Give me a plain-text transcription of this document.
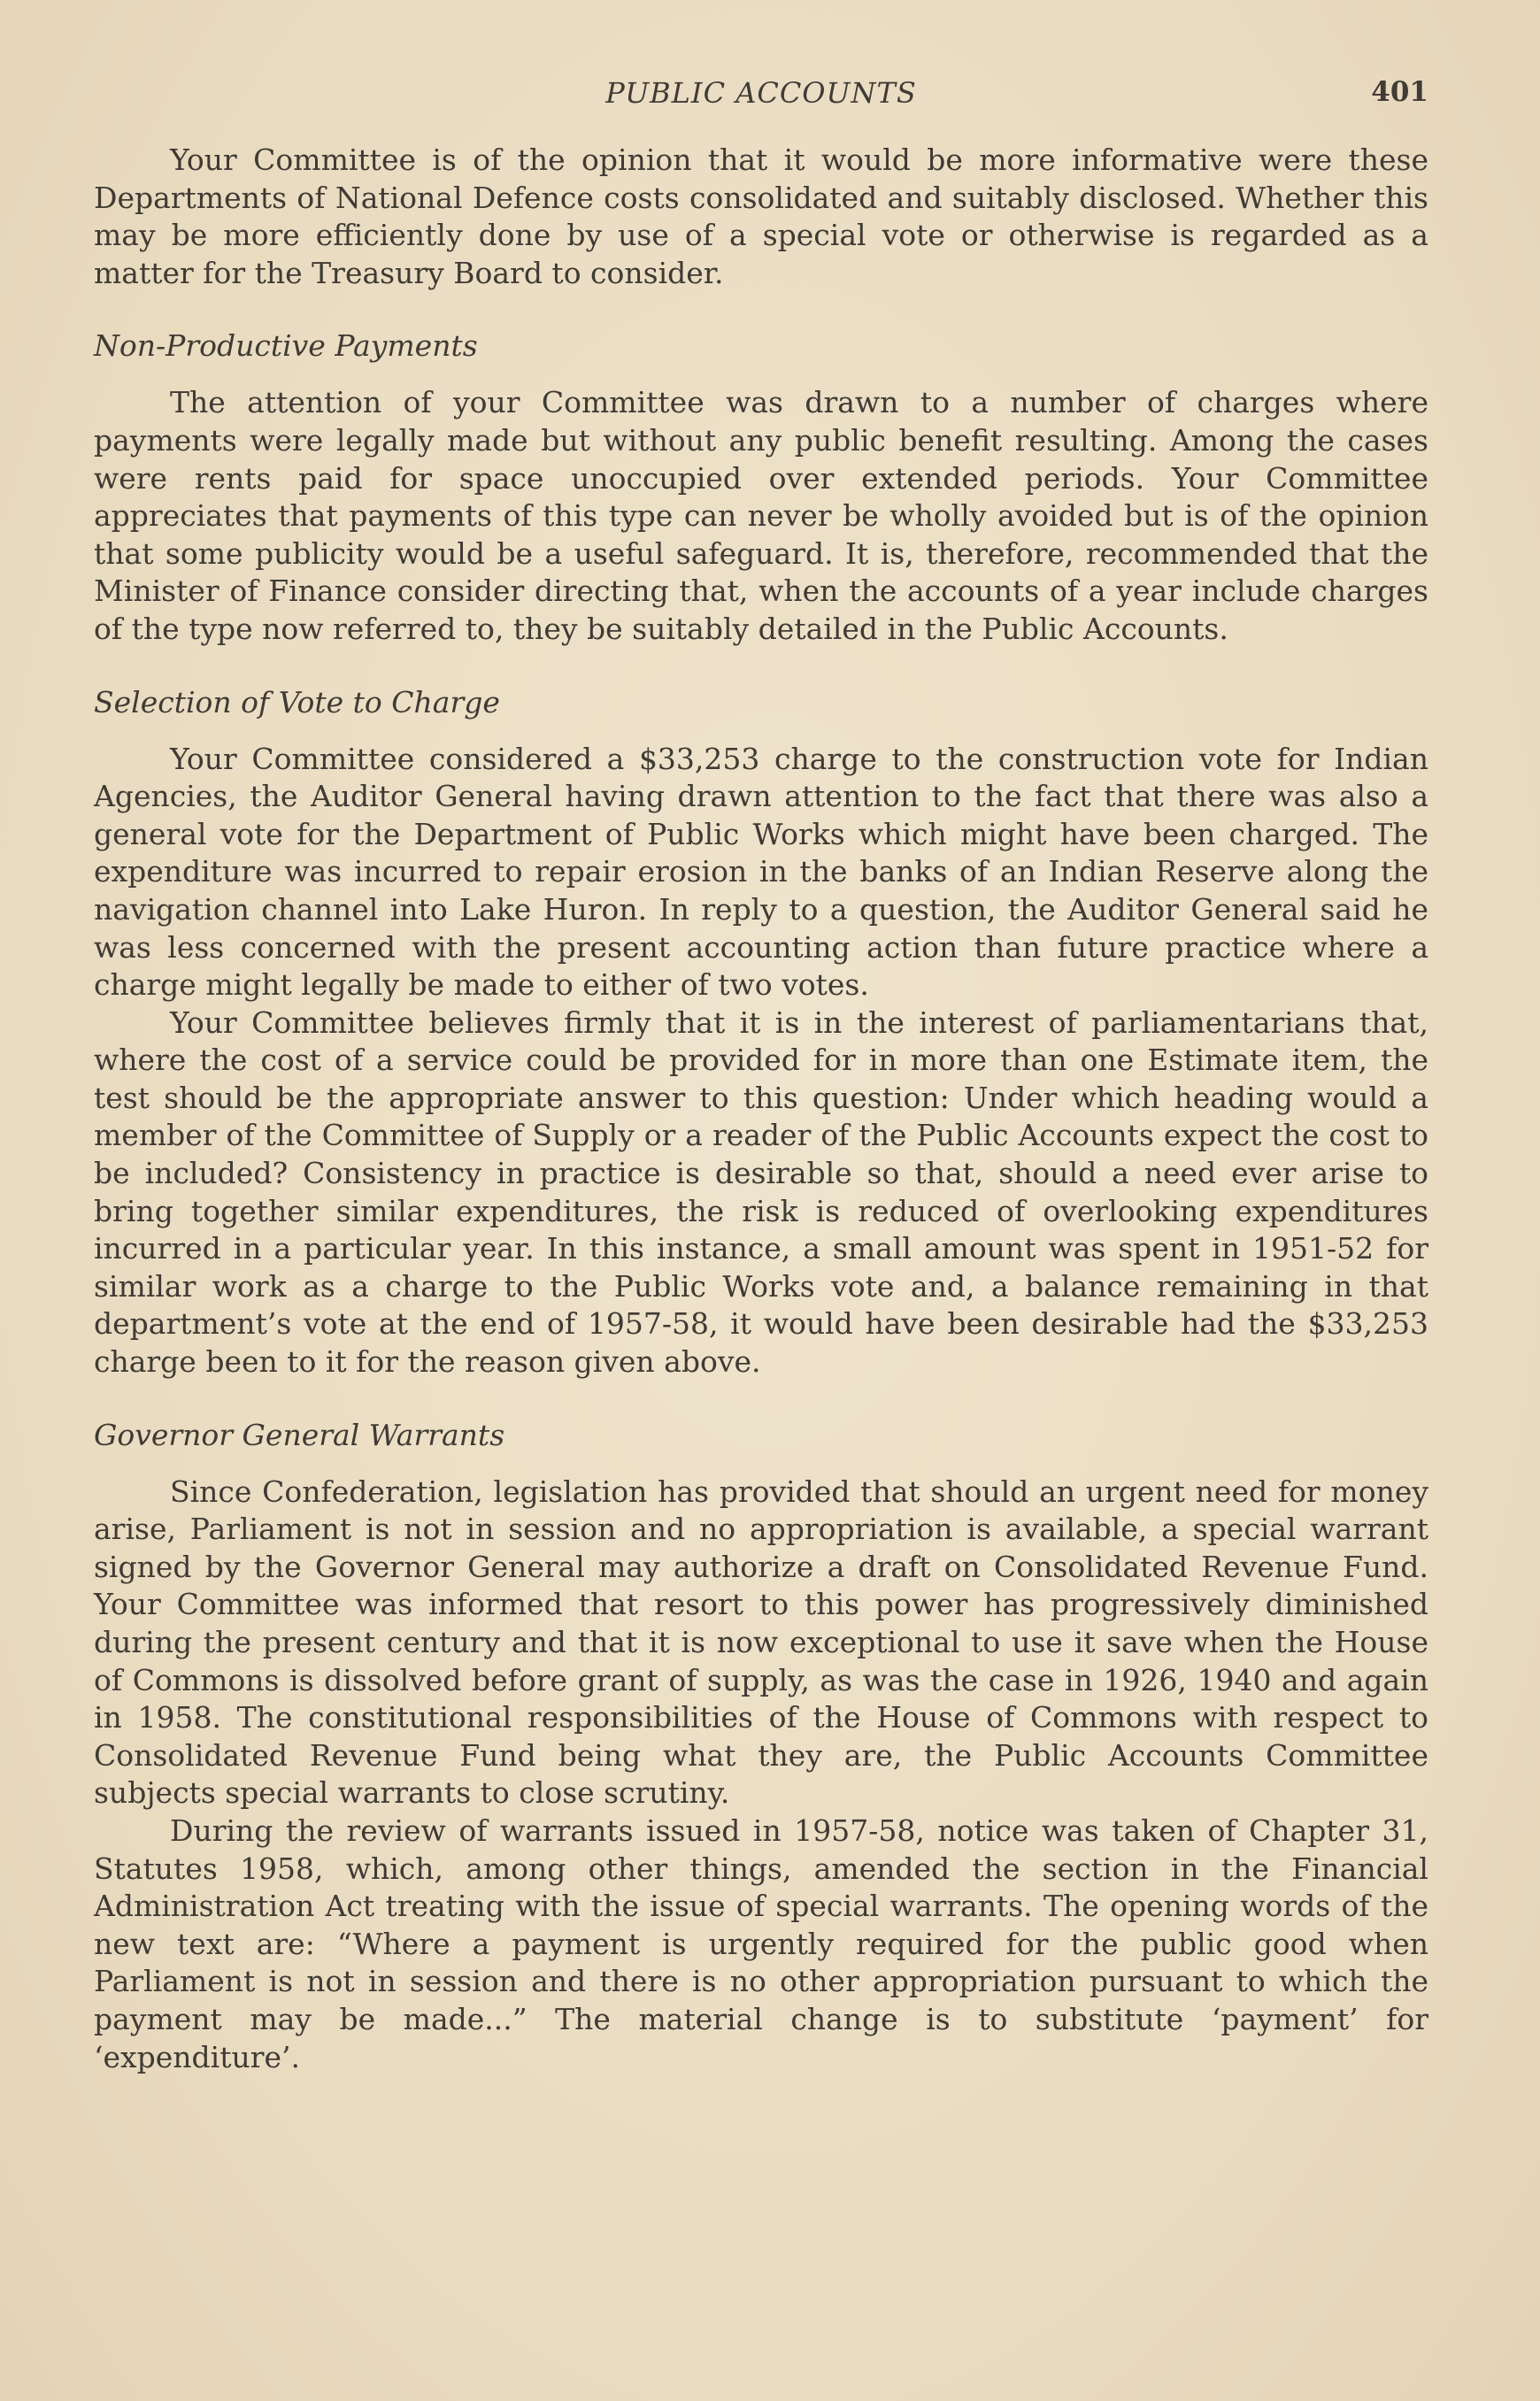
PUBLIC ACCOUNTS	401

Your Committee is of the opinion that it would be more informative were these Departments of National Defence costs consolidated and suitably disclosed. Whether this may be more efficiently done by use of a special vote or otherwise is regarded as a matter for the Treasury Board to consider.

Non-Productive Payments

The attention of your Committee was drawn to a number of charges where payments were legally made but without any public benefit resulting. Among the cases were rents paid for space unoccupied over extended periods. Your Committee appreciates that payments of this type can never be wholly avoided but is of the opinion that some publicity would be a useful safeguard. It is, therefore, recommended that the Minister of Finance consider directing that, when the accounts of a year include charges of the type now referred to, they be suitably detailed in the Public Accounts.

Selection of Vote to Charge

Your Committee considered a $33,253 charge to the construction vote for Indian Agencies, the Auditor General having drawn attention to the fact that there was also a general vote for the Department of Public Works which might have been charged. The expenditure was incurred to repair erosion in the banks of an Indian Reserve along the navigation channel into Lake Huron. In reply to a question, the Auditor General said he was less concerned with the present accounting action than future practice where a charge might legally be made to either of two votes.

Your Committee believes firmly that it is in the interest of parliamentarians that, where the cost of a service could be provided for in more than one Estimate item, the test should be the appropriate answer to this question: Under which heading would a member of the Committee of Supply or a reader of the Public Accounts expect the cost to be included? Consistency in practice is desirable so that, should a need ever arise to bring together similar expenditures, the risk is reduced of overlooking expenditures incurred in a particular year. In this instance, a small amount was spent in 1951-52 for similar work as a charge to the Public Works vote and, a balance remaining in that department’s vote at the end of 1957-58, it would have been desirable had the $33,253 charge been to it for the reason given above.

Governor General Warrants

Since Confederation, legislation has provided that should an urgent need for money arise, Parliament is not in session and no appropriation is available, a special warrant signed by the Governor General may authorize a draft on Consolidated Revenue Fund. Your Committee was informed that resort to this power has progressively diminished during the present century and that it is now exceptional to use it save when the House of Commons is dissolved before grant of supply, as was the case in 1926, 1940 and again in 1958. The constitutional responsibilities of the House of Commons with respect to Consolidated Revenue Fund being what they are, the Public Accounts Committee subjects special warrants to close scrutiny.

During the review of warrants issued in 1957-58, notice was taken of Chapter 31, Statutes 1958, which, among other things, amended the section in the Financial Administration Act treating with the issue of special warrants. The opening words of the new text are: “Where a payment is urgently required for the public good when Parliament is not in session and there is no other appropriation pursuant to which the payment may be made...” The material change is to substitute ‘payment’ for ‘expenditure’.
